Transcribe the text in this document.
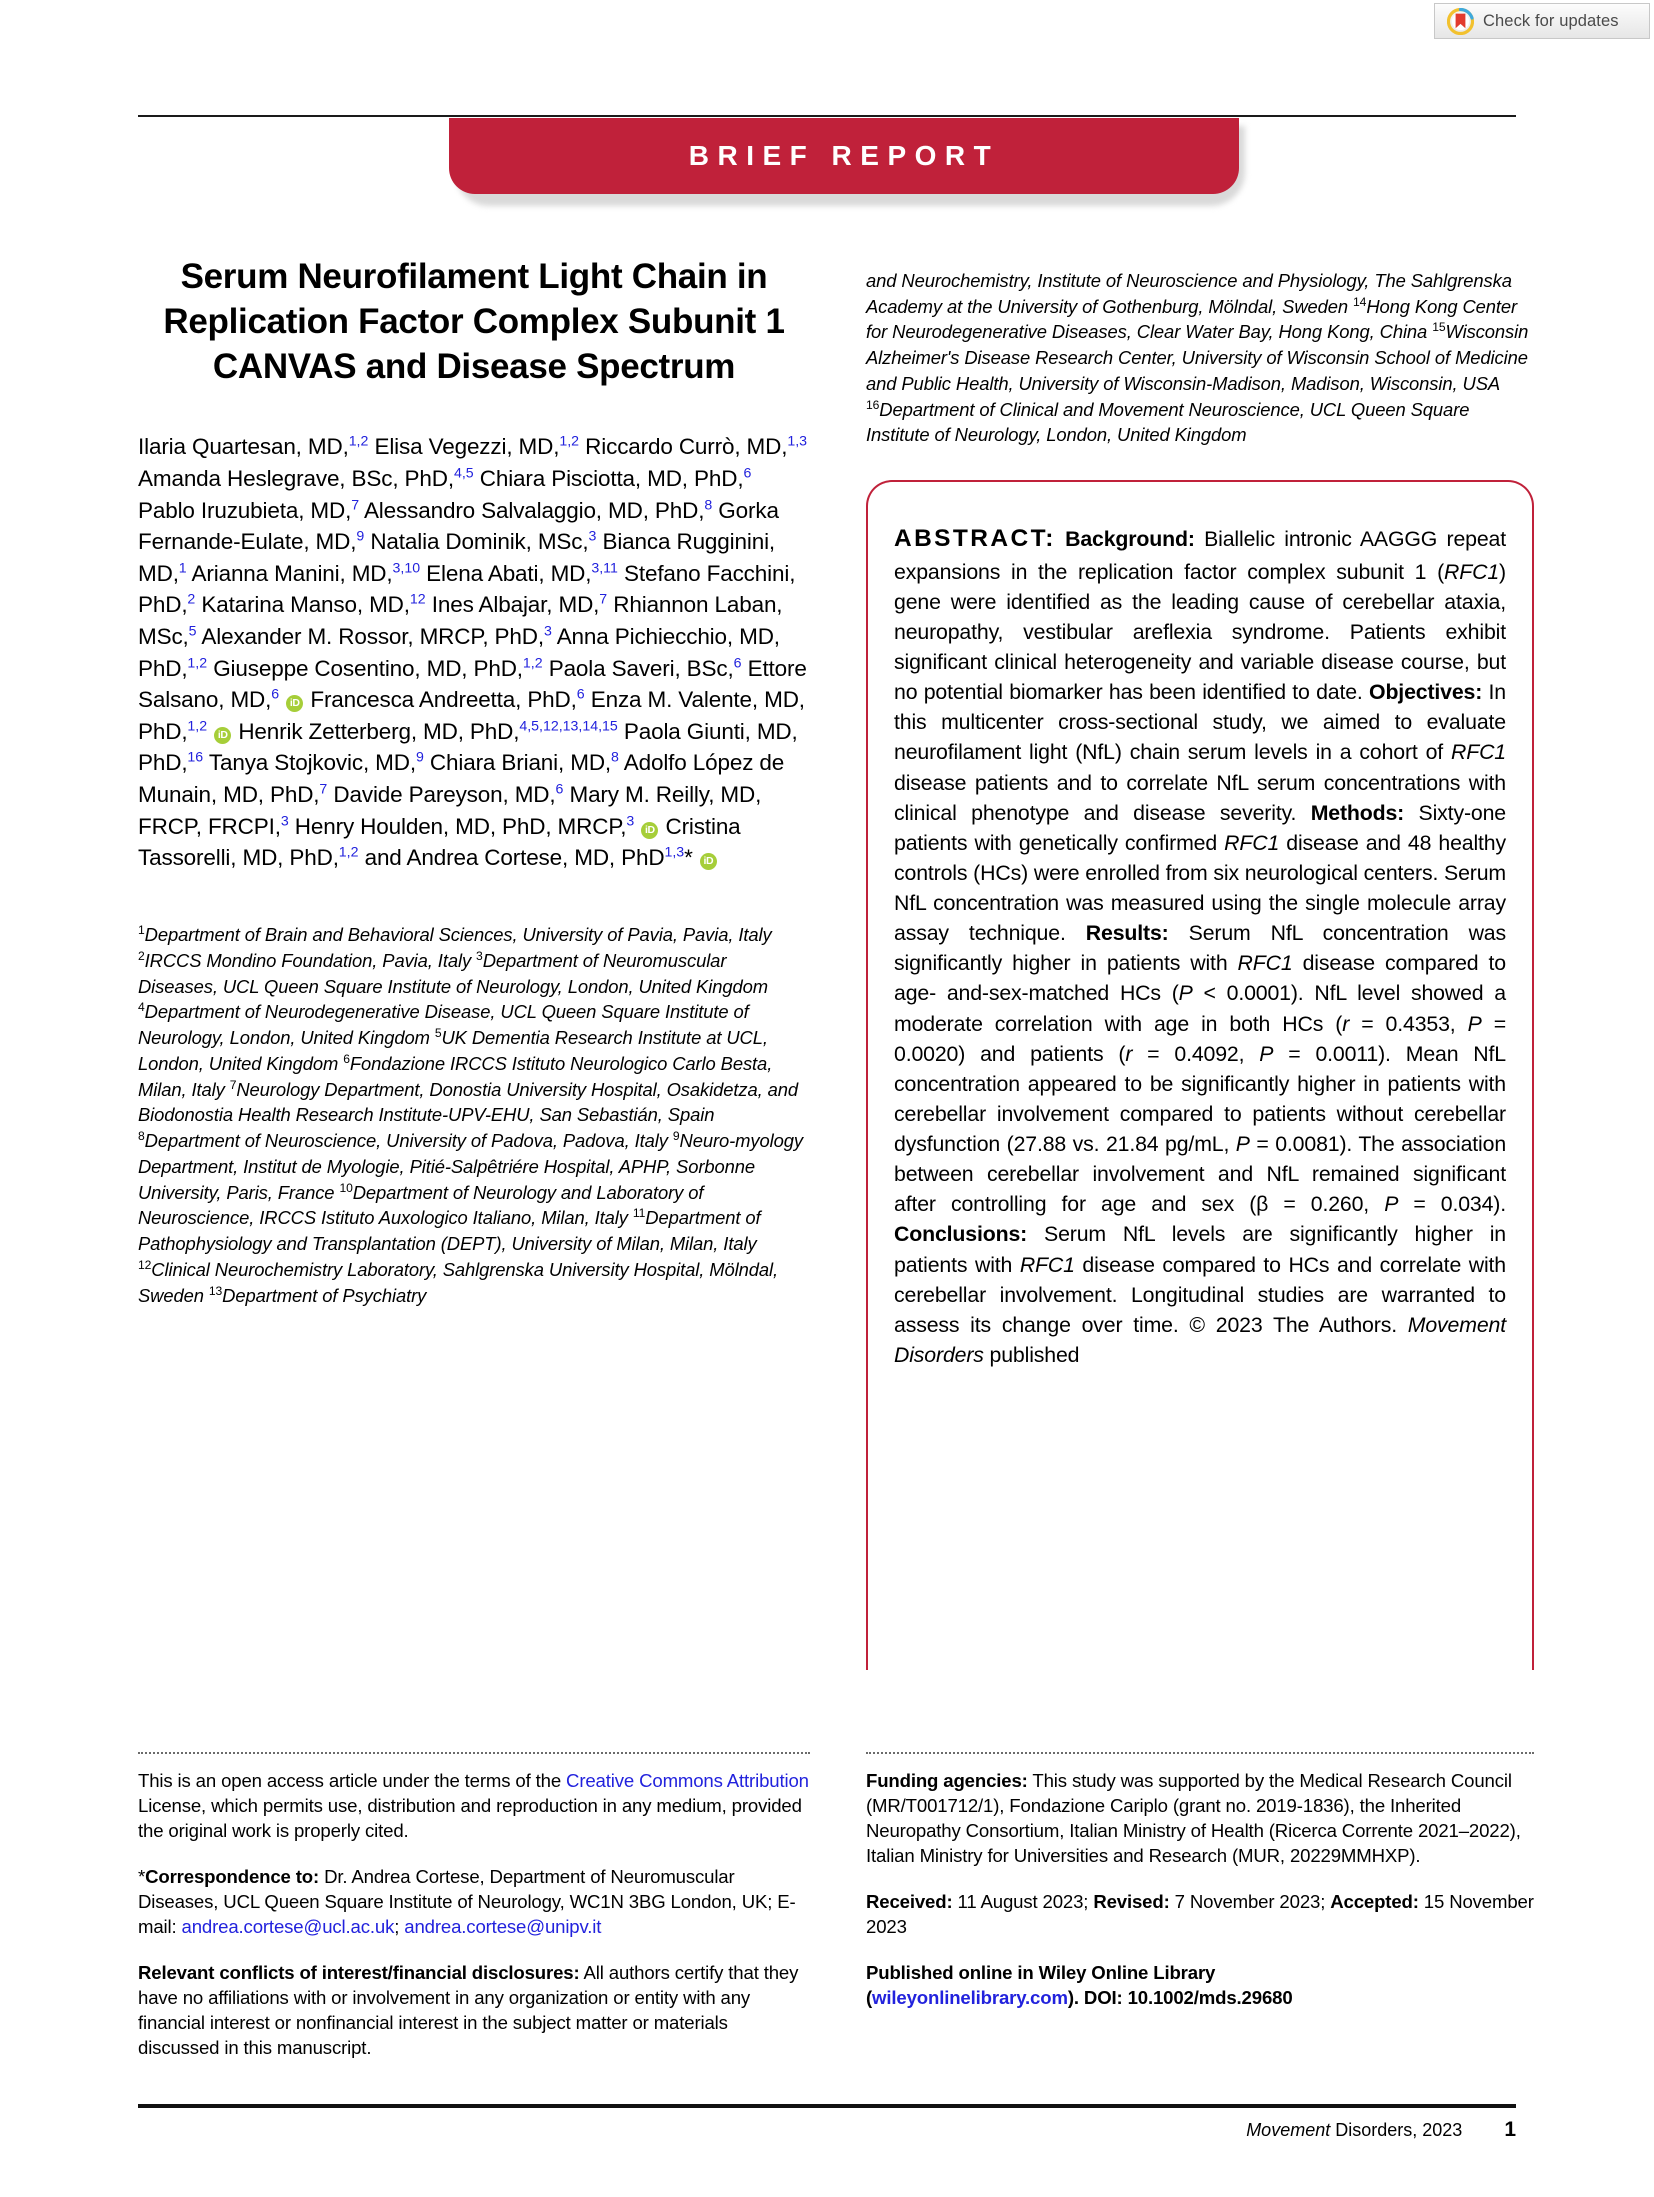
Check for updates
BRIEF REPORT
Serum Neurofilament Light Chain in Replication Factor Complex Subunit 1 CANVAS and Disease Spectrum
Ilaria Quartesan, MD,$^{1,2}$ Elisa Vegezzi, MD,$^{1,2}$ Riccardo Currò, MD,$^{1,3}$ Amanda Heslegrave, BSc, PhD,$^{4,5}$ Chiara Pisciotta, MD, PhD,$^6$ Pablo Iruzubieta, MD,$^7$ Alessandro Salvalaggio, MD, PhD,$^8$ Gorka Fernande-Eulate, MD,$^9$ Natalia Dominik, MSc,$^3$ Bianca Rugginini, MD,$^1$ Arianna Manini, MD,$^{3,10}$ Elena Abati, MD,$^{3,11}$ Stefano Facchini, PhD,$^2$ Katarina Manso, MD,$^{12}$ Ines Albajar, MD,$^7$ Rhiannon Laban, MSc,$^5$ Alexander M. Rossor, MRCP, PhD,$^3$ Anna Pichiecchio, MD, PhD,$^{1,2}$ Giuseppe Cosentino, MD, PhD,$^{1,2}$ Paola Saveri, BSc,$^6$ Ettore Salsano, MD,$^6$ iD Francesca Andreetta, PhD,$^6$ Enza M. Valente, MD, PhD,$^{1,2}$ iD Henrik Zetterberg, MD, PhD,$^{4,5,12,13,14,15}$ Paola Giunti, MD, PhD,$^{16}$ Tanya Stojkovic, MD,$^9$ Chiara Briani, MD,$^8$ Adolfo López de Munain, MD, PhD,$^7$ Davide Pareyson, MD,$^6$ Mary M. Reilly, MD, FRCP, FRCPI,$^3$ Henry Houlden, MD, PhD, MRCP,$^3$ iD Cristina Tassorelli, MD, PhD,$^{1,2}$ and Andrea Cortese, MD, PhD$^{1,3}$* iD
$^1$Department of Brain and Behavioral Sciences, University of Pavia, Pavia, Italy $^2$IRCCS Mondino Foundation, Pavia, Italy $^3$Department of Neuromuscular Diseases, UCL Queen Square Institute of Neurology, London, United Kingdom $^4$Department of Neurodegenerative Disease, UCL Queen Square Institute of Neurology, London, United Kingdom $^5$UK Dementia Research Institute at UCL, London, United Kingdom $^6$Fondazione IRCCS Istituto Neurologico Carlo Besta, Milan, Italy $^7$Neurology Department, Donostia University Hospital, Osakidetza, and Biodonostia Health Research Institute-UPV-EHU, San Sebastián, Spain $^8$Department of Neuroscience, University of Padova, Padova, Italy $^9$Neuro-myology Department, Institut de Myologie, Pitié-Salpêtriére Hospital, APHP, Sorbonne University, Paris, France $^{10}$Department of Neurology and Laboratory of Neuroscience, IRCCS Istituto Auxologico Italiano, Milan, Italy $^{11}$Department of Pathophysiology and Transplantation (DEPT), University of Milan, Milan, Italy $^{12}$Clinical Neurochemistry Laboratory, Sahlgrenska University Hospital, Mölndal, Sweden $^{13}$Department of Psychiatry
and Neurochemistry, Institute of Neuroscience and Physiology, The Sahlgrenska Academy at the University of Gothenburg, Mölndal, Sweden $^{14}$Hong Kong Center for Neurodegenerative Diseases, Clear Water Bay, Hong Kong, China $^{15}$Wisconsin Alzheimer's Disease Research Center, University of Wisconsin School of Medicine and Public Health, University of Wisconsin-Madison, Madison, Wisconsin, USA $^{16}$Department of Clinical and Movement Neuroscience, UCL Queen Square Institute of Neurology, London, United Kingdom
ABSTRACT: Background: Biallelic intronic AAGGG repeat expansions in the replication factor complex subunit 1 (RFC1) gene were identified as the leading cause of cerebellar ataxia, neuropathy, vestibular areflexia syndrome. Patients exhibit significant clinical heterogeneity and variable disease course, but no potential biomarker has been identified to date. Objectives: In this multicenter cross-sectional study, we aimed to evaluate neurofilament light (NfL) chain serum levels in a cohort of RFC1 disease patients and to correlate NfL serum concentrations with clinical phenotype and disease severity. Methods: Sixty-one patients with genetically confirmed RFC1 disease and 48 healthy controls (HCs) were enrolled from six neurological centers. Serum NfL concentration was measured using the single molecule array assay technique. Results: Serum NfL concentration was significantly higher in patients with RFC1 disease compared to age- and-sex-matched HCs (P < 0.0001). NfL level showed a moderate correlation with age in both HCs (r = 0.4353, P = 0.0020) and patients (r = 0.4092, P = 0.0011). Mean NfL concentration appeared to be significantly higher in patients with cerebellar involvement compared to patients without cerebellar dysfunction (27.88 vs. 21.84 pg/mL, P = 0.0081). The association between cerebellar involvement and NfL remained significant after controlling for age and sex (β = 0.260, P = 0.034). Conclusions: Serum NfL levels are significantly higher in patients with RFC1 disease compared to HCs and correlate with cerebellar involvement. Longitudinal studies are warranted to assess its change over time. © 2023 The Authors. Movement Disorders published

This is an open access article under the terms of the Creative Commons Attribution License, which permits use, distribution and reproduction in any medium, provided the original work is properly cited.

*Correspondence to: Dr. Andrea Cortese, Department of Neuromuscular Diseases, UCL Queen Square Institute of Neurology, WC1N 3BG London, UK; E-mail: andrea.cortese@ucl.ac.uk; andrea.cortese@unipv.it

Relevant conflicts of interest/financial disclosures: All authors certify that they have no affiliations with or involvement in any organization or entity with any financial interest or nonfinancial interest in the subject matter or materials discussed in this manuscript.

Funding agencies: This study was supported by the Medical Research Council (MR/T001712/1), Fondazione Cariplo (grant no. 2019-1836), the Inherited Neuropathy Consortium, Italian Ministry of Health (Ricerca Corrente 2021–2022), Italian Ministry for Universities and Research (MUR, 20229MMHXP).

Received: 11 August 2023; Revised: 7 November 2023; Accepted: 15 November 2023

Published online in Wiley Online Library
(wileyonlinelibrary.com). DOI: 10.1002/mds.29680

Movement Disorders, 2023 1
